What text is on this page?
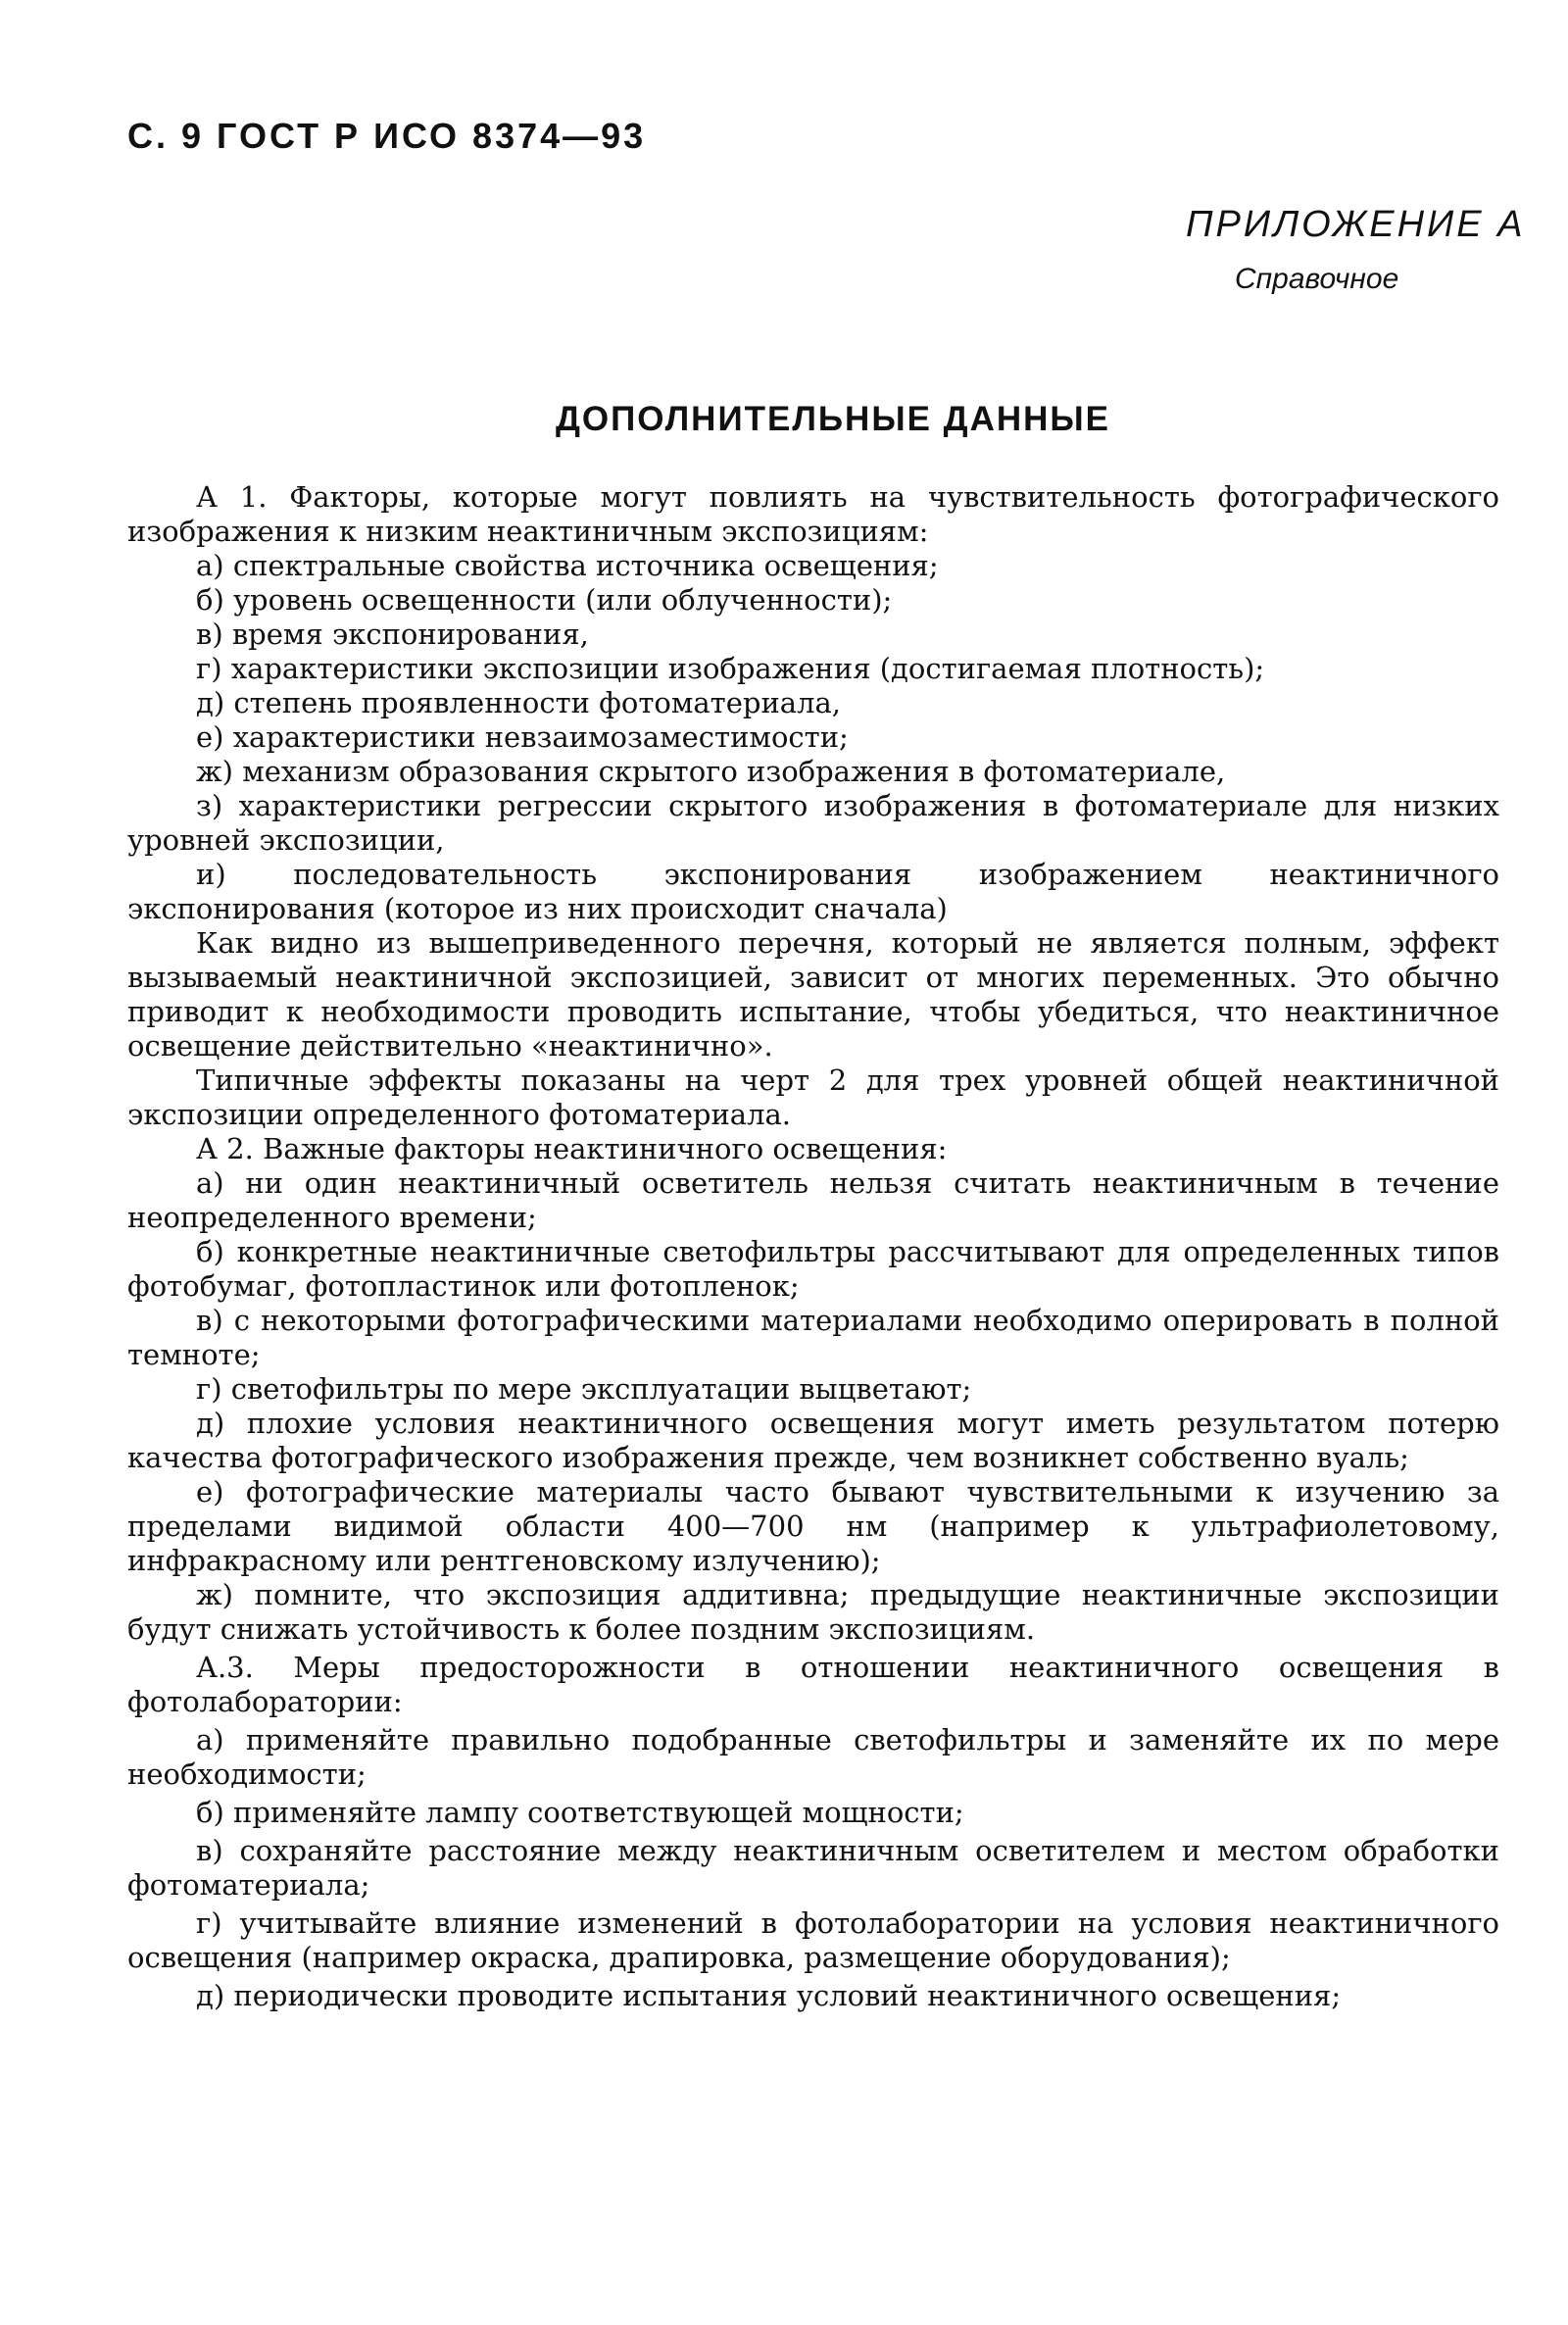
С. 9 ГОСТ Р ИСО 8374—93
ПРИЛОЖЕНИЕ А
Справочное
ДОПОЛНИТЕЛЬНЫЕ ДАННЫЕ

А 1. Факторы, которые могут повлиять на чувствительность фотографического изображения к низким неактиничным экспозициям:

а) спектральные свойства источника освещения;

б) уровень освещенности (или облученности);

в) время экспонирования,

г) характеристики экспозиции изображения (достигаемая плотность);

д) степень проявленности фотоматериала,

е) характеристики невзаимозаместимости;

ж) механизм образования скрытого изображения в фотоматериале,

з) характеристики регрессии скрытого изображения в фотоматериале для низких уровней экспозиции,

и) последовательность экспонирования изображением неактиничного экспонирования (которое из них происходит сначала)

Как видно из вышеприведенного перечня, который не является полным, эффект вызываемый неактиничной экспозицией, зависит от многих переменных. Это обычно приводит к необходимости проводить испытание, чтобы убедиться, что неактиничное освещение действительно «неактинично».

Типичные эффекты показаны на черт 2 для трех уровней общей неактиничной экспозиции определенного фотоматериала.

А 2. Важные факторы неактиничного освещения:

а) ни один неактиничный осветитель нельзя считать неактиничным в течение неопределенного времени;

б) конкретные неактиничные светофильтры рассчитывают для определенных типов фотобумаг, фотопластинок или фотопленок;

в) с некоторыми фотографическими материалами необходимо оперировать в полной темноте;

г) светофильтры по мере эксплуатации выцветают;

д) плохие условия неактиничного освещения могут иметь результатом потерю качества фотографического изображения прежде, чем возникнет собственно вуаль;

е) фотографические материалы часто бывают чувствительными к изучению за пределами видимой области 400—700 нм (например к ультрафиолетовому, инфракрасному или рентгеновскому излучению);

ж) помните, что экспозиция аддитивна; предыдущие неактиничные экспозиции будут снижать устойчивость к более поздним экспозициям.

А.3. Меры предосторожности в отношении неактиничного освещения в фотолаборатории:

а) применяйте правильно подобранные светофильтры и заменяйте их по мере необходимости;

б) применяйте лампу соответствующей мощности;

в) сохраняйте расстояние между неактиничным осветителем и местом обработки фотоматериала;

г) учитывайте влияние изменений в фотолаборатории на условия неактиничного освещения (например окраска, драпировка, размещение оборудования);

д) периодически проводите испытания условий неактиничного освещения;
